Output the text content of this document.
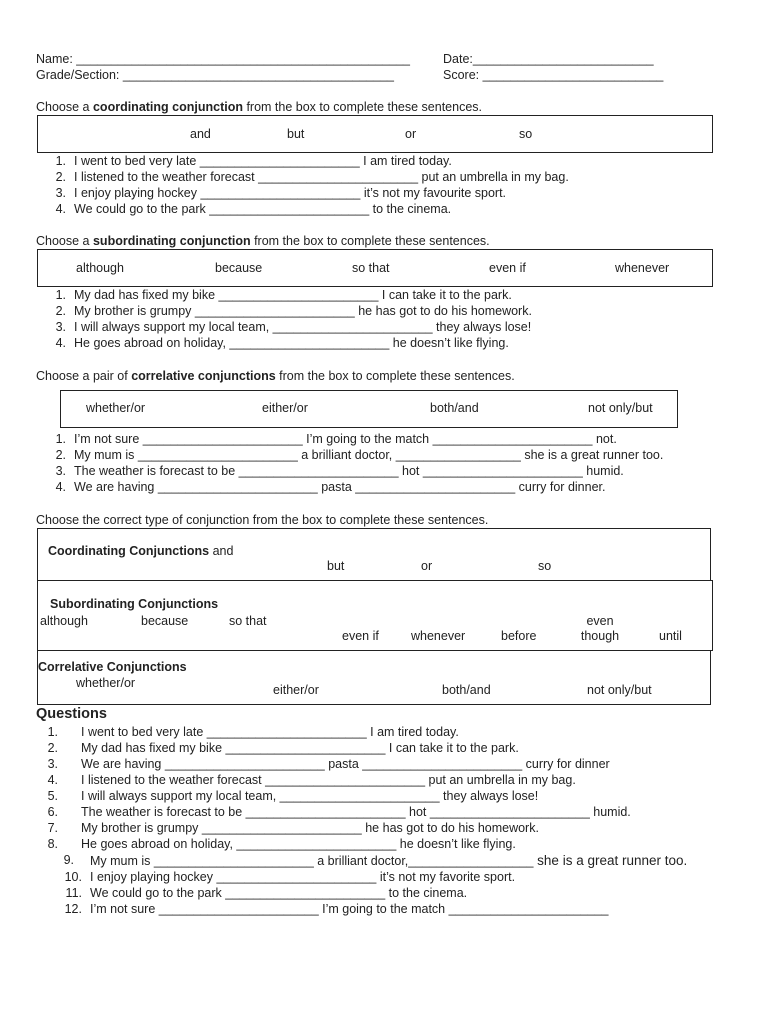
Name: ________________________________________________	Date:__________________________
Grade/Section: _______________________________________	Score: __________________________
Choose a coordinating conjunction from the box to complete these sentences.
and	but	or	so
1. I went to bed very late _______________________ I am tired today.
2. I listened to the weather forecast _______________________ put an umbrella in my bag.
3. I enjoy playing hockey _______________________ it’s not my favourite sport.
4. We could go to the park _______________________ to the cinema.
Choose a subordinating conjunction from the box to complete these sentences.
although	because	so that	even if	whenever
1. My dad has fixed my bike _______________________ I can take it to the park.
2. My brother is grumpy _______________________ he has got to do his homework.
3. I will always support my local team, _______________________ they always lose!
4. He goes abroad on holiday, _______________________ he doesn’t like flying.
Choose a pair of correlative conjunctions from the box to complete these sentences.
whether/or	either/or	both/and	not only/but
1. I’m not sure _______________________ I’m going to the match _______________________ not.
2. My mum is _______________________ a brilliant doctor, __________________ she is a great runner too.
3. The weather is forecast to be _______________________ hot _______________________ humid.
4. We are having _______________________ pasta _______________________ curry for dinner.
Choose the correct type of conjunction from the box to complete these sentences.
Coordinating Conjunctions and
but	or	so
Subordinating Conjunctions
although	because	so that
even if	whenever	before
even though	until
Correlative Conjunctions
whether/or	either/or	both/and	not only/but
Questions
1. I went to bed very late _______________________ I am tired today.
2. My dad has fixed my bike _______________________ I can take it to the park.
3. We are having _______________________ pasta _______________________ curry for dinner
4. I listened to the weather forecast _______________________ put an umbrella in my bag.
5. I will always support my local team, _______________________ they always lose!
6. The weather is forecast to be _______________________ hot _______________________ humid.
7. My brother is grumpy _______________________ he has got to do his homework.
8. He goes abroad on holiday, _______________________ he doesn’t like flying.
9. My mum is _______________________ a brilliant doctor,__________________ she is a great runner too.
10. I enjoy playing hockey _______________________ it’s not my favorite sport.
11. We could go to the park _______________________ to the cinema.
12. I’m not sure _______________________ I’m going to the match _______________________
